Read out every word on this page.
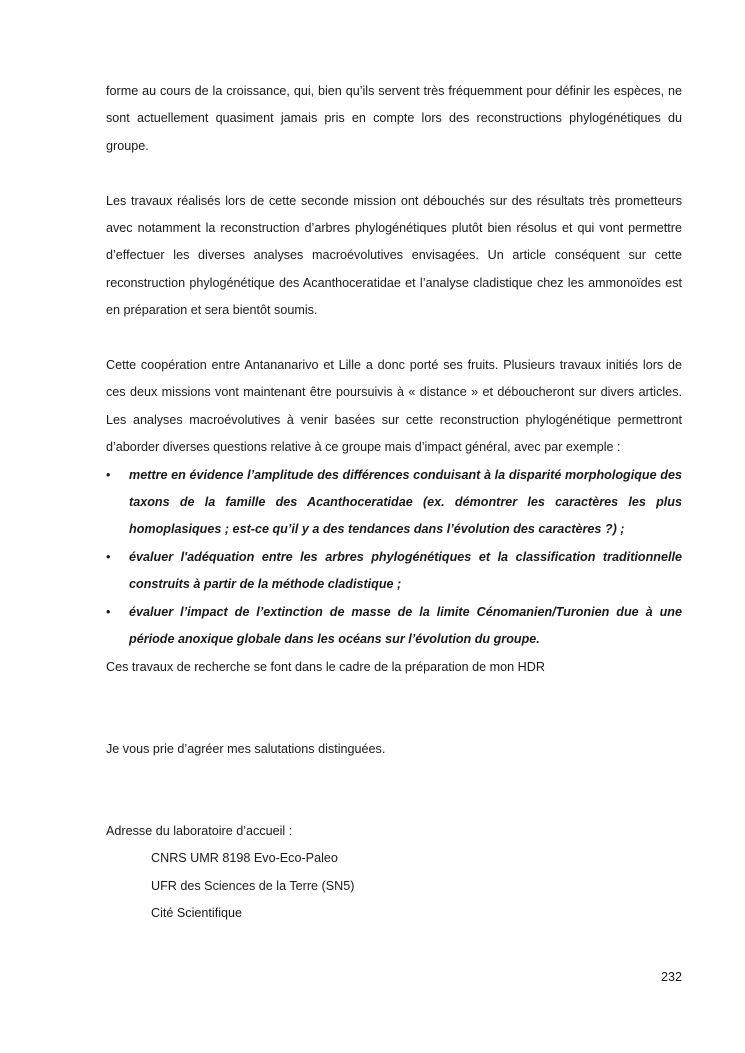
forme au cours de la croissance, qui, bien qu’ils servent très fréquemment pour définir les espèces, ne sont actuellement quasiment jamais pris en compte lors des reconstructions phylogénétiques du groupe.

Les travaux réalisés lors de cette seconde mission ont débouchés sur des résultats très prometteurs avec notamment la reconstruction d’arbres phylogénétiques plutôt bien résolus et qui vont permettre d’effectuer les diverses analyses macroévolutives envisagées. Un article conséquent sur cette reconstruction phylogénétique des Acanthoceratidae et l’analyse cladistique chez les ammonoïdes est en préparation et sera bientôt soumis.

Cette coopération entre Antananarivo et Lille a donc porté ses fruits. Plusieurs travaux initiés lors de ces deux missions vont maintenant être poursuivis à « distance » et déboucheront sur divers articles. Les analyses macroévolutives à venir basées sur cette reconstruction phylogénétique permettront d’aborder diverses questions relative à ce groupe mais d’impact général, avec par exemple :

• mettre en évidence l’amplitude des différences conduisant à la disparité morphologique des taxons de la famille des Acanthoceratidae (ex. démontrer les caractères les plus homoplasiques ; est-ce qu’il y a des tendances dans l’évolution des caractères ?) ;
• évaluer l'adéquation entre les arbres phylogénétiques et la classification traditionnelle construits à partir de la méthode cladistique ;
• évaluer l’impact de l’extinction de masse de la limite Cénomanien/Turonien due à une période anoxique globale dans les océans sur l’évolution du groupe.

Ces travaux de recherche se font dans le cadre de la préparation de mon HDR

Je vous prie d’agréer mes salutations distinguées.

Adresse du laboratoire d’accueil :

CNRS UMR 8198 Evo-Eco-Paleo
UFR des Sciences de la Terre (SN5)
Cité Scientifique
232
